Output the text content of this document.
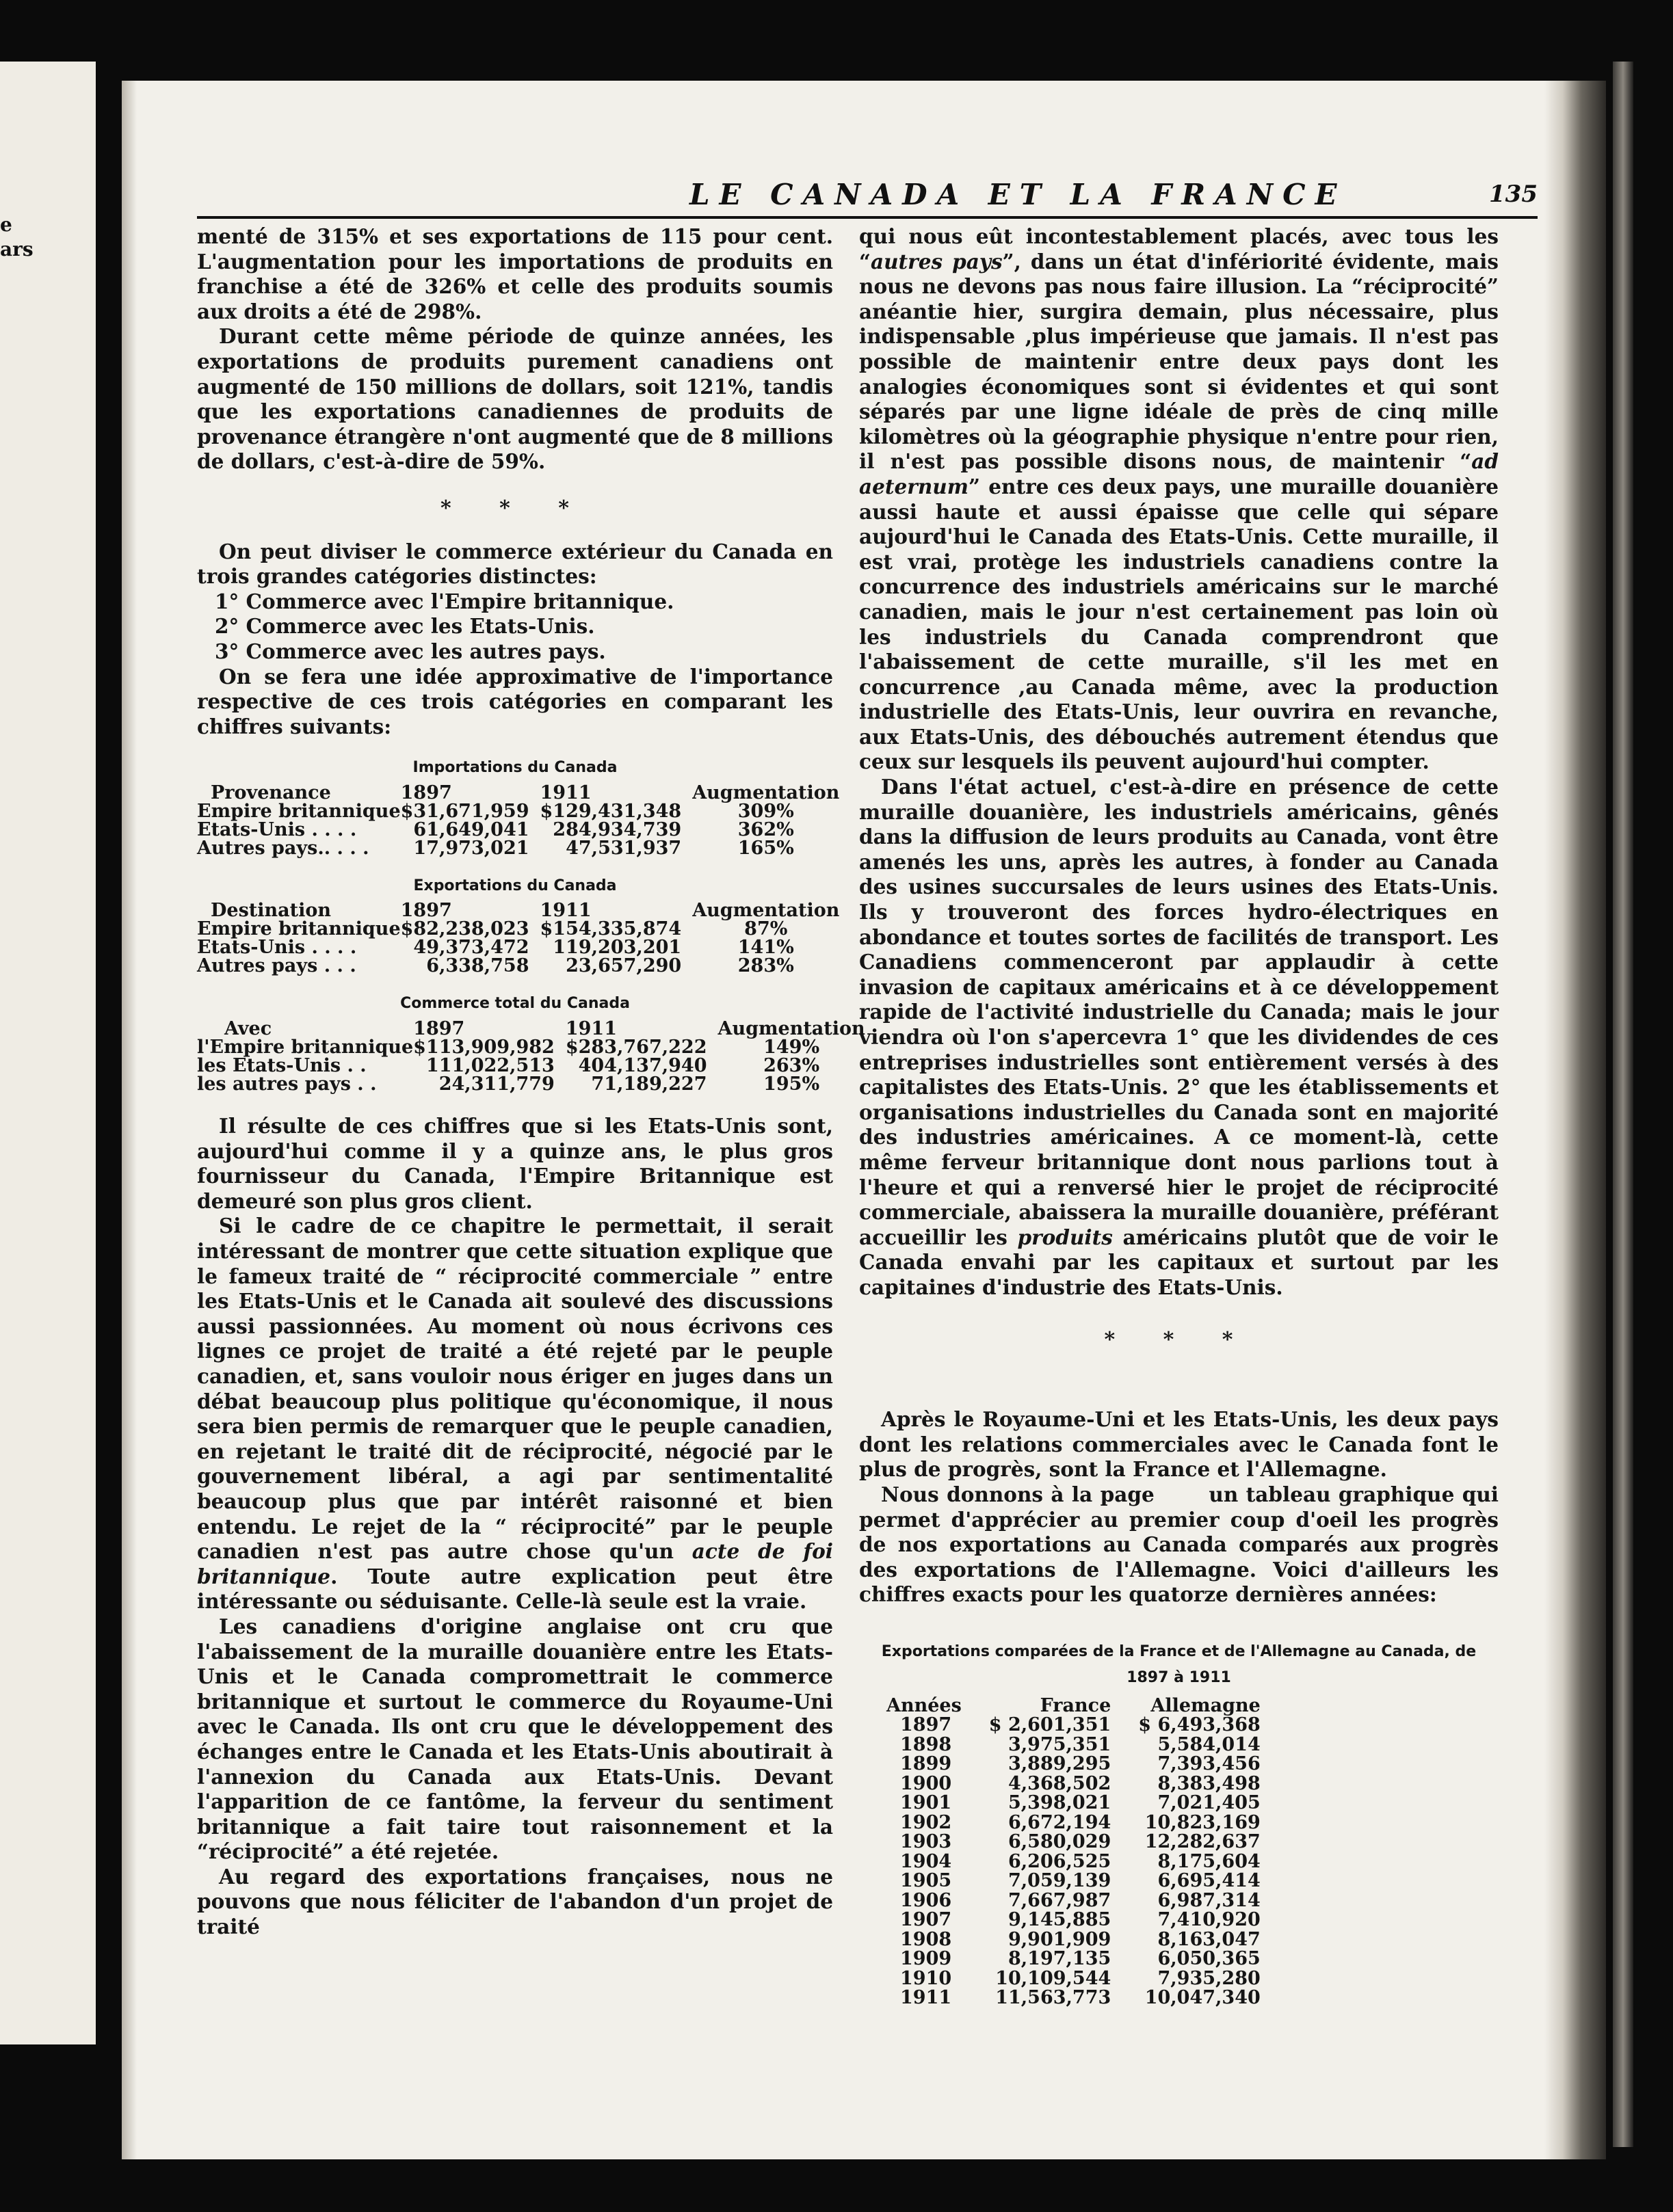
e
ars
LE CANADA ET LA FRANCE	135

menté de 315% et ses exportations de 115 pour cent. L'augmentation pour les importations de produits en franchise a été de 326% et celle des produits soumis aux droits a été de 298%.

Durant cette même période de quinze années, les exportations de produits purement canadiens ont augmenté de 150 millions de dollars, soit 121%, tandis que les exportations canadiennes de produits de provenance étrangère n'ont augmenté que de 8 millions de dollars, c'est-à-dire de 59%.

* * *

On peut diviser le commerce extérieur du Canada en trois grandes catégories distinctes:

1° Commerce avec l'Empire britannique.

2° Commerce avec les Etats-Unis.

3° Commerce avec les autres pays.

On se fera une idée approximative de l'importance respective de ces trois catégories en comparant les chiffres suivants:

Importations du Canada
Provenance	1897	1911	Augmentation
Empire britannique	$31,671,959	$129,431,348	309%
Etats-Unis . . . .	61,649,041	284,934,739	362%
Autres pays.. . . .	17,973,021	47,531,937	165%
Exportations du Canada
Destination	1897	1911	Augmentation
Empire britannique	$82,238,023	$154,335,874	87%
Etats-Unis . . . .	49,373,472	119,203,201	141%
Autres pays . . .	6,338,758	23,657,290	283%
Commerce total du Canada
Avec	1897	1911	Augmentation
l'Empire britannique	$113,909,982	$283,767,222	149%
les Etats-Unis . .	111,022,513	404,137,940	263%
les autres pays . .	24,311,779	71,189,227	195%

Il résulte de ces chiffres que si les Etats-Unis sont, aujourd'hui comme il y a quinze ans, le plus gros fournisseur du Canada, l'Empire Britannique est demeuré son plus gros client.

Si le cadre de ce chapitre le permettait, il serait intéressant de montrer que cette situation explique que le fameux traité de “ réciprocité commerciale ” entre les Etats-Unis et le Canada ait soulevé des discussions aussi passionnées. Au moment où nous écrivons ces lignes ce projet de traité a été rejeté par le peuple canadien, et, sans vouloir nous ériger en juges dans un débat beaucoup plus politique qu'économique, il nous sera bien permis de remarquer que le peuple canadien, en rejetant le traité dit de réciprocité, négocié par le gouvernement libéral, a agi par sentimentalité beaucoup plus que par intérêt raisonné et bien entendu. Le rejet de la “ réciprocité” par le peuple canadien n'est pas autre chose qu'un acte de foi britannique. Toute autre explication peut être intéressante ou séduisante. Celle-là seule est la vraie.

Les canadiens d'origine anglaise ont cru que l'abaissement de la muraille douanière entre les Etats-Unis et le Canada compromettrait le commerce britannique et surtout le commerce du Royaume-Uni avec le Canada. Ils ont cru que le développement des échanges entre le Canada et les Etats-Unis aboutirait à l'annexion du Canada aux Etats-Unis. Devant l'apparition de ce fantôme, la ferveur du sentiment britannique a fait taire tout raisonnement et la “réciprocité” a été rejetée.

Au regard des exportations françaises, nous ne pouvons que nous féliciter de l'abandon d'un projet de traité

qui nous eût incontestablement placés, avec tous les “autres pays”, dans un état d'infériorité évidente, mais nous ne devons pas nous faire illusion. La “réciprocité” anéantie hier, surgira demain, plus nécessaire, plus indispensable ,plus impérieuse que jamais. Il n'est pas possible de maintenir entre deux pays dont les analogies économiques sont si évidentes et qui sont séparés par une ligne idéale de près de cinq mille kilomètres où la géographie physique n'entre pour rien, il n'est pas possible disons nous, de maintenir “ad aeternum” entre ces deux pays, une muraille douanière aussi haute et aussi épaisse que celle qui sépare aujourd'hui le Canada des Etats-Unis. Cette muraille, il est vrai, protège les industriels canadiens contre la concurrence des industriels américains sur le marché canadien, mais le jour n'est certainement pas loin où les industriels du Canada comprendront que l'abaissement de cette muraille, s'il les met en concurrence ,au Canada même, avec la production industrielle des Etats-Unis, leur ouvrira en revanche, aux Etats-Unis, des débouchés autrement étendus que ceux sur lesquels ils peuvent aujourd'hui compter.

Dans l'état actuel, c'est-à-dire en présence de cette muraille douanière, les industriels américains, gênés dans la diffusion de leurs produits au Canada, vont être amenés les uns, après les autres, à fonder au Canada des usines succursales de leurs usines des Etats-Unis. Ils y trouveront des forces hydro-électriques en abondance et toutes sortes de facilités de transport. Les Canadiens commenceront par applaudir à cette invasion de capitaux américains et à ce développement rapide de l'activité industrielle du Canada; mais le jour viendra où l'on s'apercevra 1° que les dividendes de ces entreprises industrielles sont entièrement versés à des capitalistes des Etats-Unis. 2° que les établissements et organisations industrielles du Canada sont en majorité des industries américaines. A ce moment-là, cette même ferveur britannique dont nous parlions tout à l'heure et qui a renversé hier le projet de réciprocité commerciale, abaissera la muraille douanière, préférant accueillir les produits américains plutôt que de voir le Canada envahi par les capitaux et surtout par les capitaines d'industrie des Etats-Unis.

* * *

Après le Royaume-Uni et les Etats-Unis, les deux pays dont les relations commerciales avec le Canada font le plus de progrès, sont la France et l'Allemagne.

Nous donnons à la page       un tableau graphique qui permet d'apprécier au premier coup d'oeil les progrès de nos exportations au Canada comparés aux progrès des exportations de l'Allemagne. Voici d'ailleurs les chiffres exacts pour les quatorze dernières années:

Exportations comparées de la France et de l'Allemagne au Canada, de 1897 à 1911
Années	France	Allemagne
1897	$ 2,601,351	$ 6,493,368
1898	3,975,351	5,584,014
1899	3,889,295	7,393,456
1900	4,368,502	8,383,498
1901	5,398,021	7,021,405
1902	6,672,194	10,823,169
1903	6,580,029	12,282,637
1904	6,206,525	8,175,604
1905	7,059,139	6,695,414
1906	7,667,987	6,987,314
1907	9,145,885	7,410,920
1908	9,901,909	8,163,047
1909	8,197,135	6,050,365
1910	10,109,544	7,935,280
1911	11,563,773	10,047,340
